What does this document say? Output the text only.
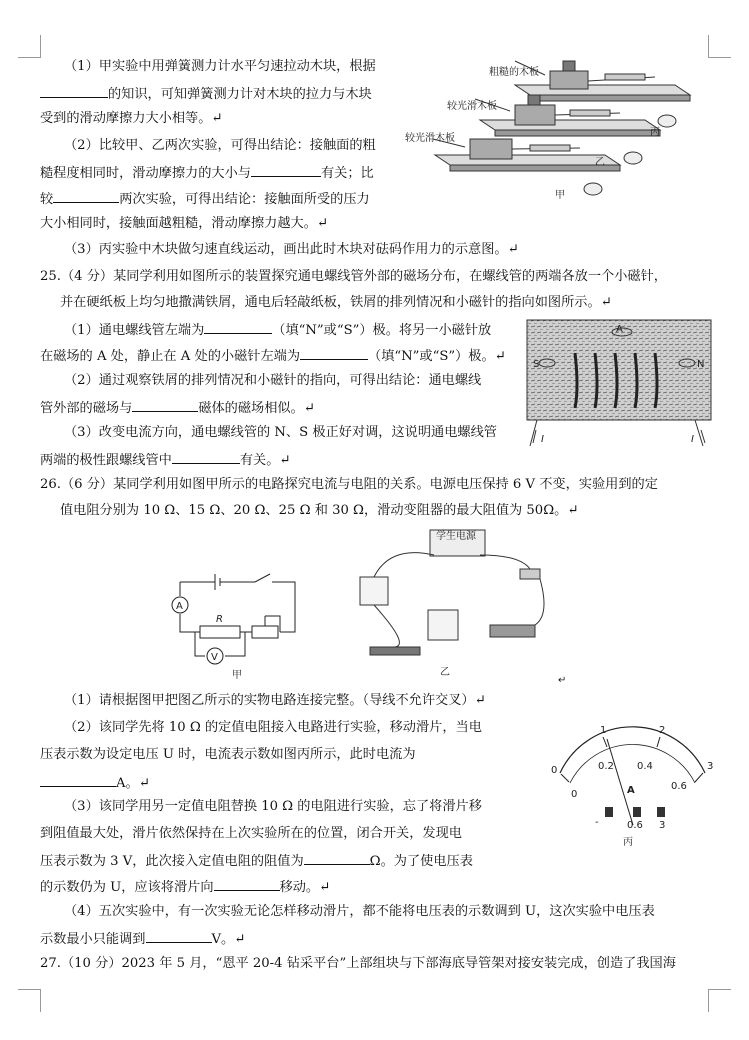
（1）甲实验中用弹簧测力计水平匀速拉动木块，根据
的知识，可知弹簧测力计对木块的拉力与木块
受到的滑动摩擦力大小相等。↵
（2）比较甲、乙两次实验，可得出结论：接触面的粗
糙程度相同时，滑动摩擦力的大小与	有关；比
较	两次实验，可得出结论：接触面所受的压力
大小相同时，接触面越粗糙，滑动摩擦力越大。↵
（3）丙实验中木块做匀速直线运动，画出此时木块对砝码作用力的示意图。↵
粗糙的木板
较光滑木板
较光滑木板
丙
乙
甲
25.（4 分）某同学利用如图所示的装置探究通电螺线管外部的磁场分布，在螺线管的两端各放一个小磁针，
并在硬纸板上均匀地撒满铁屑，通电后轻敲纸板，铁屑的排列情况和小磁针的指向如图所示。↵
（1）通电螺线管左端为	（填“N”或“S”）极。将另一小磁针放
在磁场的 A 处，静止在 A 处的小磁针左端为	（填“N”或“S”）极。↵
（2）通过观察铁屑的排列情况和小磁针的指向，可得出结论：通电螺线
管外部的磁场与	磁体的磁场相似。↵
（3）改变电流方向，通电螺线管的 N、S 极正好对调，这说明通电螺线管
两端的极性跟螺线管中	有关。↵
A
S	N
I	I
26.（6 分）某同学利用如图甲所示的电路探究电流与电阻的关系。电源电压保持 6 V 不变，实验用到的定
值电阻分别为 10 Ω、15 Ω、20 Ω、25 Ω 和 30 Ω，滑动变阻器的最大阻值为 50Ω。↵
A
R
V
甲
学生电源
乙
↵
（1）请根据图甲把图乙所示的实物电路连接完整。（导线不允许交叉）↵
（2）该同学先将 10 Ω 的定值电阻接入电路进行实验，移动滑片，当电
压表示数为设定电压 U 时，电流表示数如图丙所示，此时电流为
A。↵
（3）该同学用另一定值电阻替换 10 Ω 的电阻进行实验，忘了将滑片移
到阻值最大处，滑片依然保持在上次实验所在的位置，闭合开关，发现电
压表示数为 3 V，此次接入定值电阻的阻值为	Ω。为了使电压表
的示数仍为 U，应该将滑片向	移动。↵
（4）五次实验中，有一次实验无论怎样移动滑片，都不能将电压表的示数调到 U，这次实验中电压表
示数最小只能调到	V。↵
0
1	2
3
0
0.2 0.4
0.6
A
-	0.6 3
丙
27.（10 分）2023 年 5 月，“恩平 20-4 钻采平台”上部组块与下部海底导管架对接安装完成，创造了我国海
